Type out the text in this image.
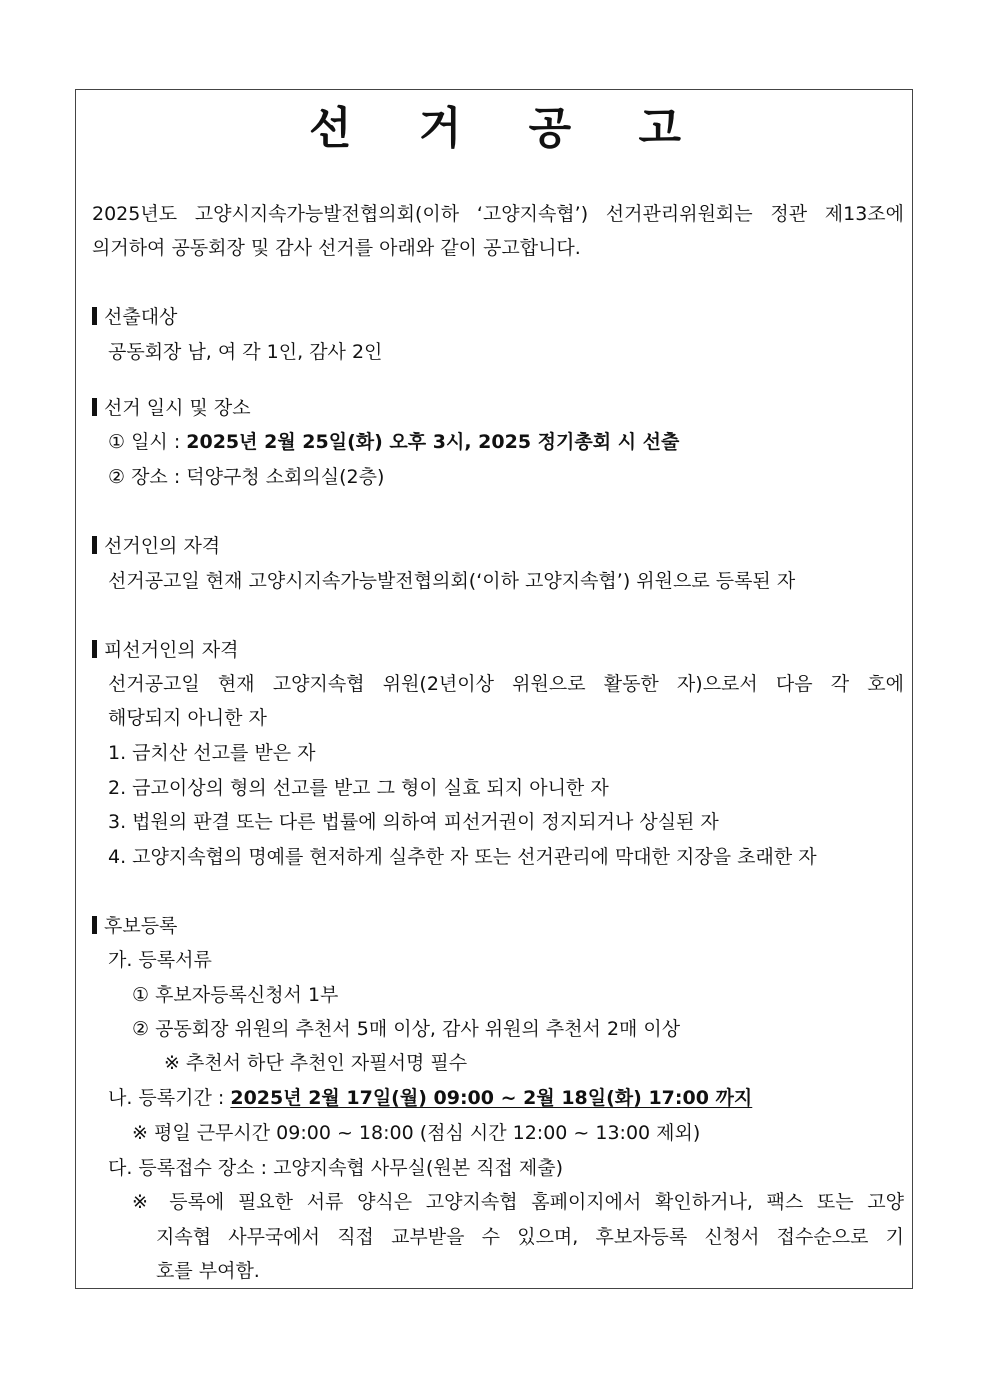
선 거 공 고
2025년도 고양시지속가능발전협의회(이하 ‘고양지속협’) 선거관리위원회는 정관 제13조에
의거하여 공동회장 및 감사 선거를 아래와 같이 공고합니다.
선출대상
공동회장 남, 여 각 1인, 감사 2인
선거 일시 및 장소
① 일시 : 2025년 2월 25일(화) 오후 3시, 2025 정기총회 시 선출
② 장소 : 덕양구청 소회의실(2층)
선거인의 자격
선거공고일 현재 고양시지속가능발전협의회(‘이하 고양지속협’) 위원으로 등록된 자
피선거인의 자격
선거공고일 현재 고양지속협 위원(2년이상 위원으로 활동한 자)으로서 다음 각 호에
해당되지 아니한 자
1. 금치산 선고를 받은 자
2. 금고이상의 형의 선고를 받고 그 형이 실효 되지 아니한 자
3. 법원의 판결 또는 다른 법률에 의하여 피선거권이 정지되거나 상실된 자
4. 고양지속협의 명예를 현저하게 실추한 자 또는 선거관리에 막대한 지장을 초래한 자
후보등록
가. 등록서류
① 후보자등록신청서 1부
② 공동회장 위원의 추천서 5매 이상, 감사 위원의 추천서 2매 이상
※ 추천서 하단 추천인 자필서명 필수
나. 등록기간 : 2025년 2월 17일(월) 09:00 ~ 2월 18일(화) 17:00 까지
※ 평일 근무시간 09:00 ~ 18:00 (점심 시간 12:00 ~ 13:00 제외)
다. 등록접수 장소 : 고양지속협 사무실(원본 직접 제출)
※ 등록에 필요한 서류 양식은 고양지속협 홈페이지에서 확인하거나, 팩스 또는 고양
지속협 사무국에서 직접 교부받을 수 있으며, 후보자등록 신청서 접수순으로 기
호를 부여함.
